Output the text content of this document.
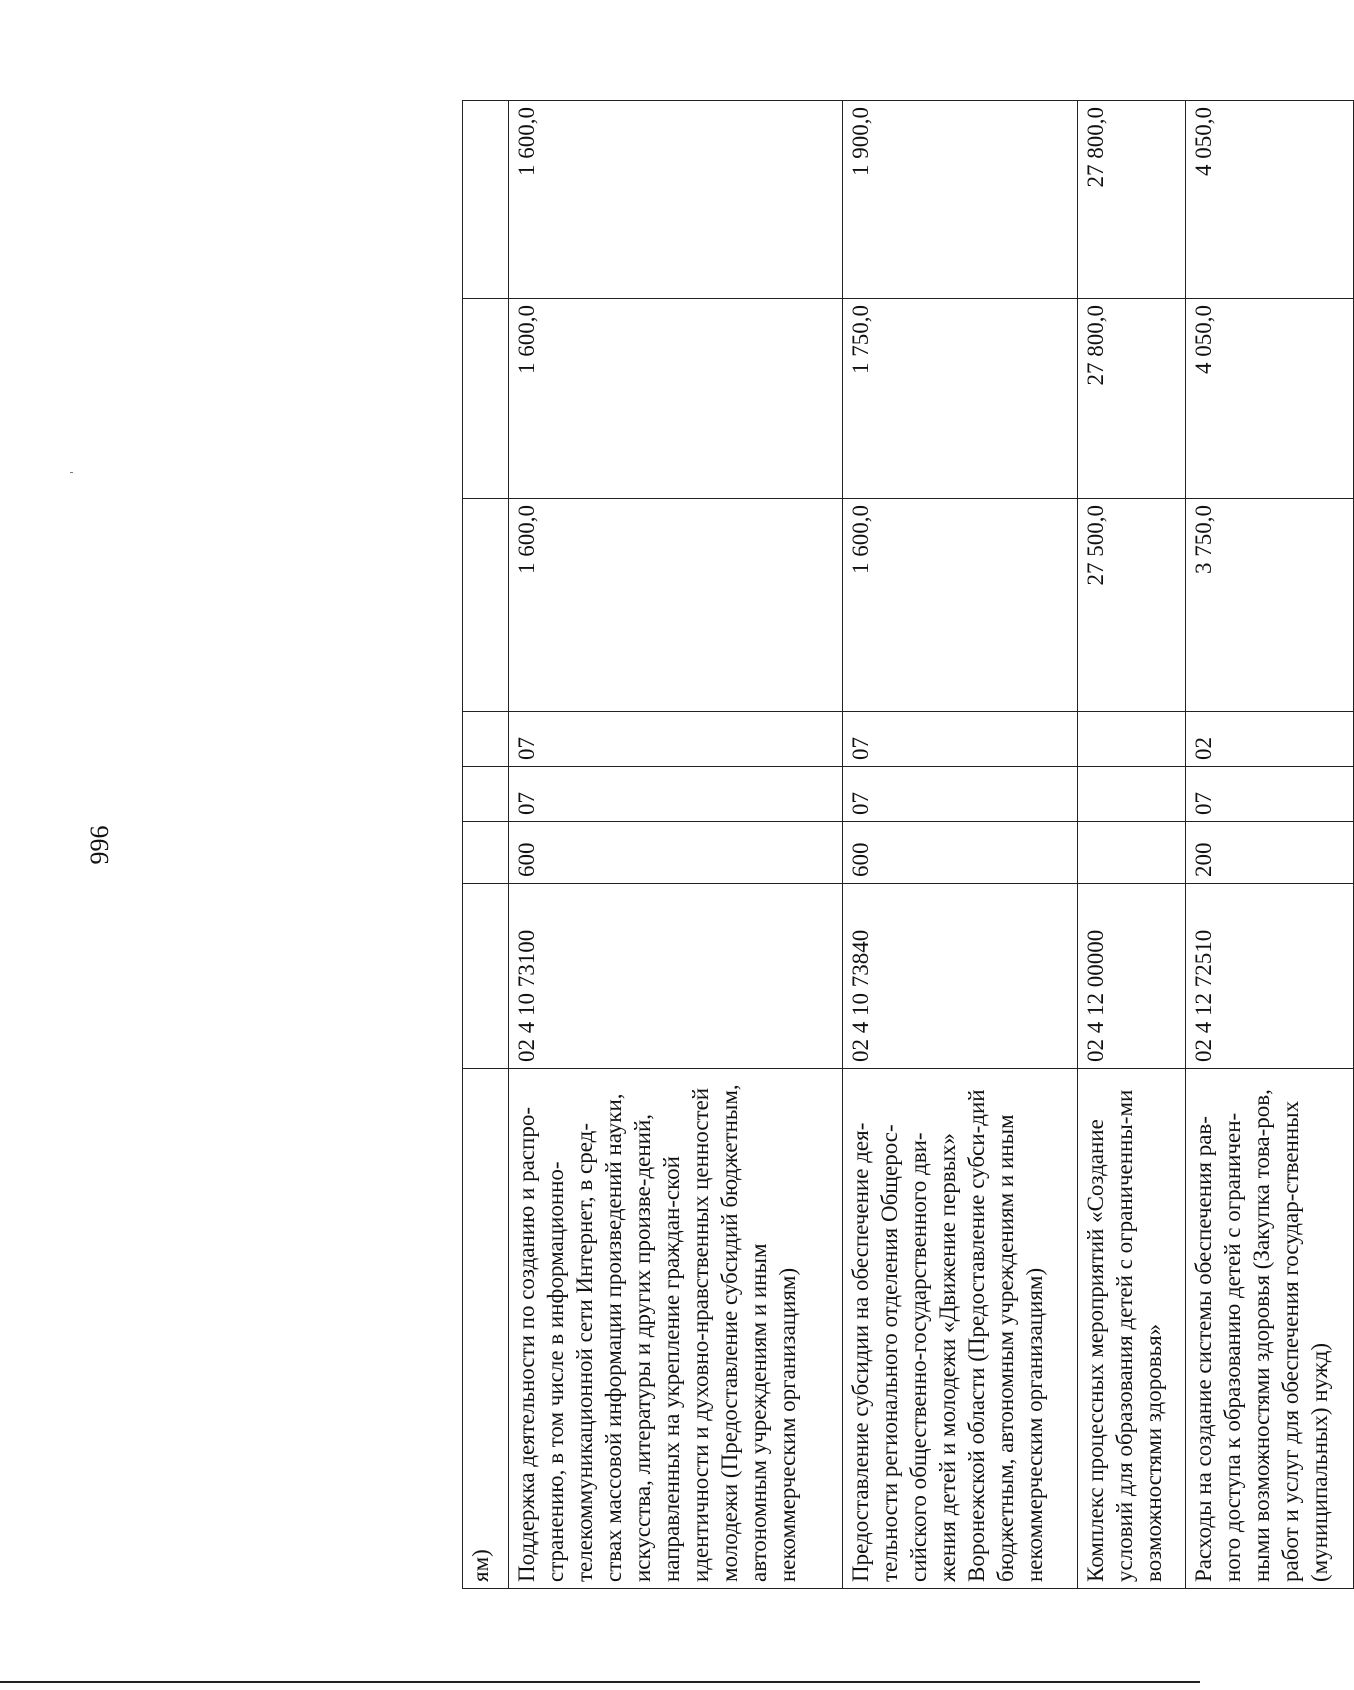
996
ям)							
Поддержка деятельности по созданию и распро-странению, в том числе в информационно-телекоммуникационной сети Интернет, в сред-ствах массовой информации произведений науки, искусства, литературы и других произве-дений, направленных на укрепление граждан-ской идентичности и духовно-нравственных ценностей молодежи (Предоставление субсидий бюджетным, автономным учреждениям и иным некоммерческим организациям)	02 4 10 73100	600	07	07	1 600,0	1 600,0	1 600,0
Предоставление субсидии на обеспечение дея-тельности регионального отделения Общерос-сийского общественно-государственного дви-жения детей и молодежи «Движение первых» Воронежской области (Предоставление субси-дий бюджетным, автономным учреждениям и иным некоммерческим организациям)	02 4 10 73840	600	07	07	1 600,0	1 750,0	1 900,0
Комплекс процессных мероприятий «Создание условий для образования детей с ограниченны-ми возможностями здоровья»	02 4 12 00000				27 500,0	27 800,0	27 800,0
Расходы на создание системы обеспечения рав-ного доступа к образованию детей с ограничен-ными возможностями здоровья (Закупка това-ров, работ и услуг для обеспечения государ-ственных (муниципальных) нужд)	02 4 12 72510	200	07	02	3 750,0	4 050,0	4 050,0
